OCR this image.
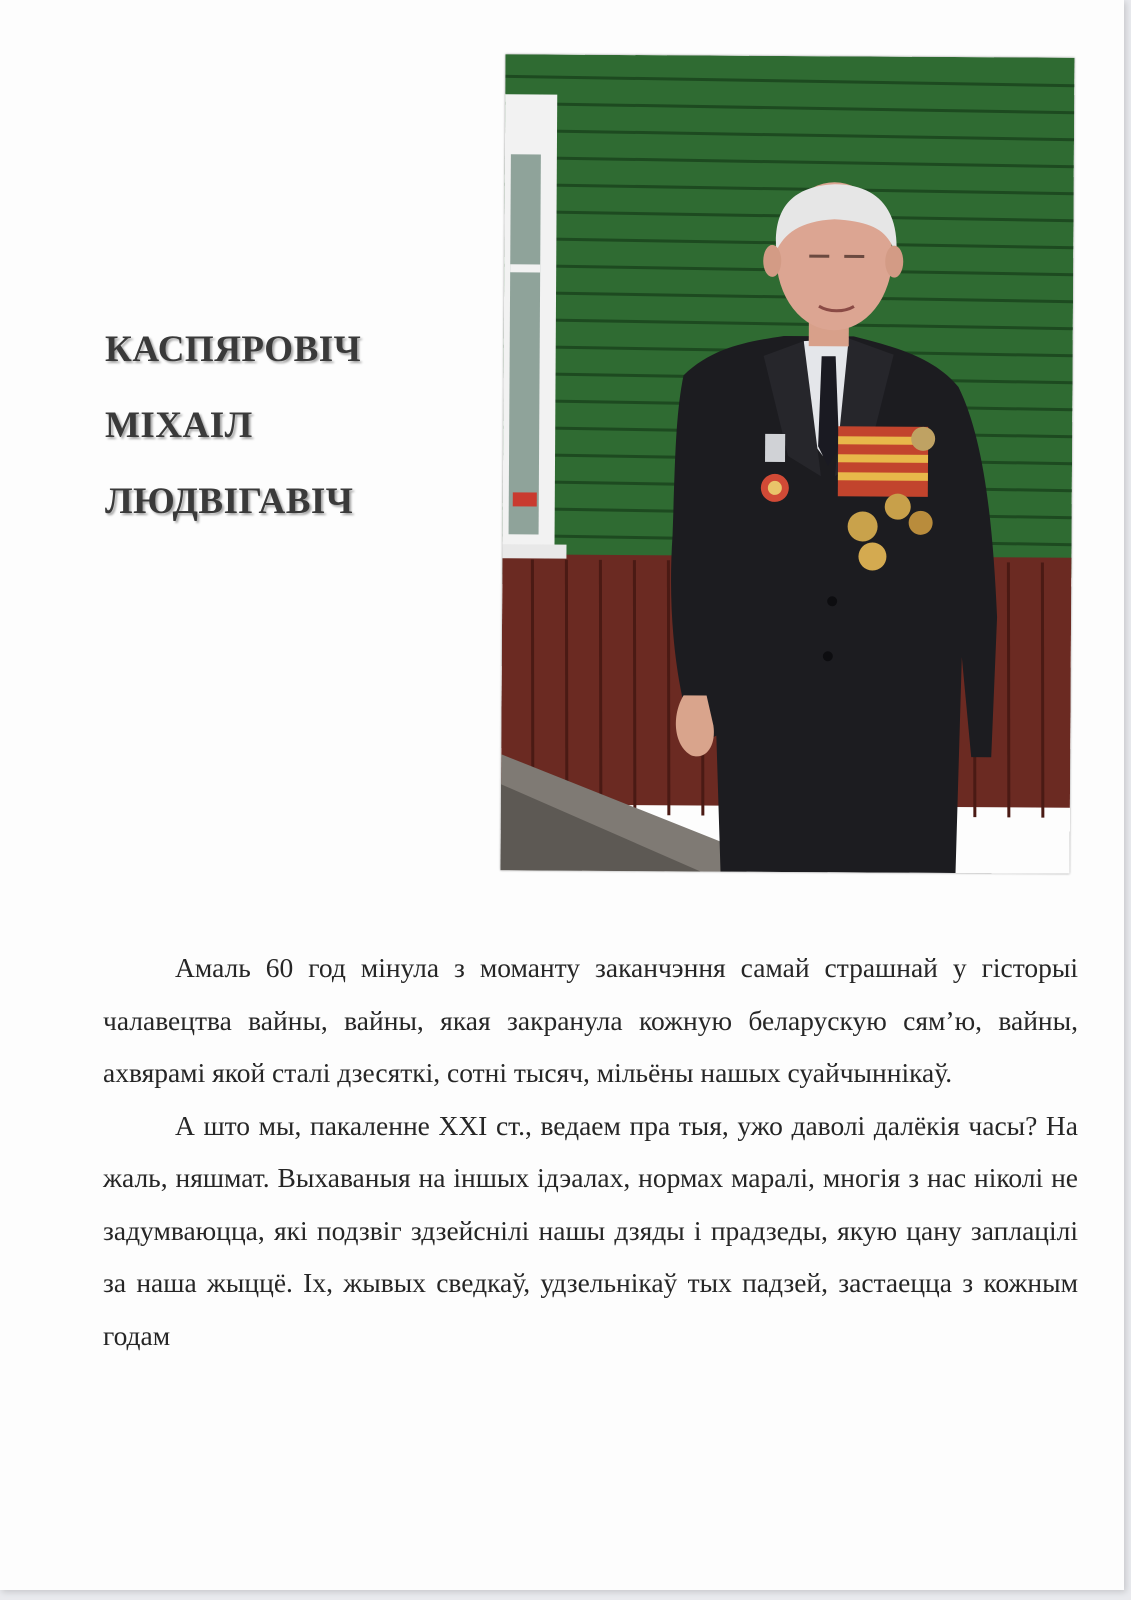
КАСПЯРОВІЧ
МІХАІЛ
ЛЮДВІГАВІЧ

Амаль 60 год мінула з моманту заканчэння самай страшнай у гісторыі чалавецтва вайны, вайны, якая закранула кожную беларускую сям’ю, вайны, ахвярамі якой сталі дзесяткі, сотні тысяч, мільёны нашых суайчыннікаў.

А што мы, пакаленне XXI ст., ведаем пра тыя, ужо даволі далёкія часы? На жаль, няшмат. Выхаваныя на іншых ідэалах, нормах маралі, многія з нас ніколі не задумваюцца, які подзвіг здзейснілі нашы дзяды і прадзеды, якую цану заплацілі за наша жыццё. Іх, жывых сведкаў, удзельнікаў тых падзей, застаецца з кожным годам
